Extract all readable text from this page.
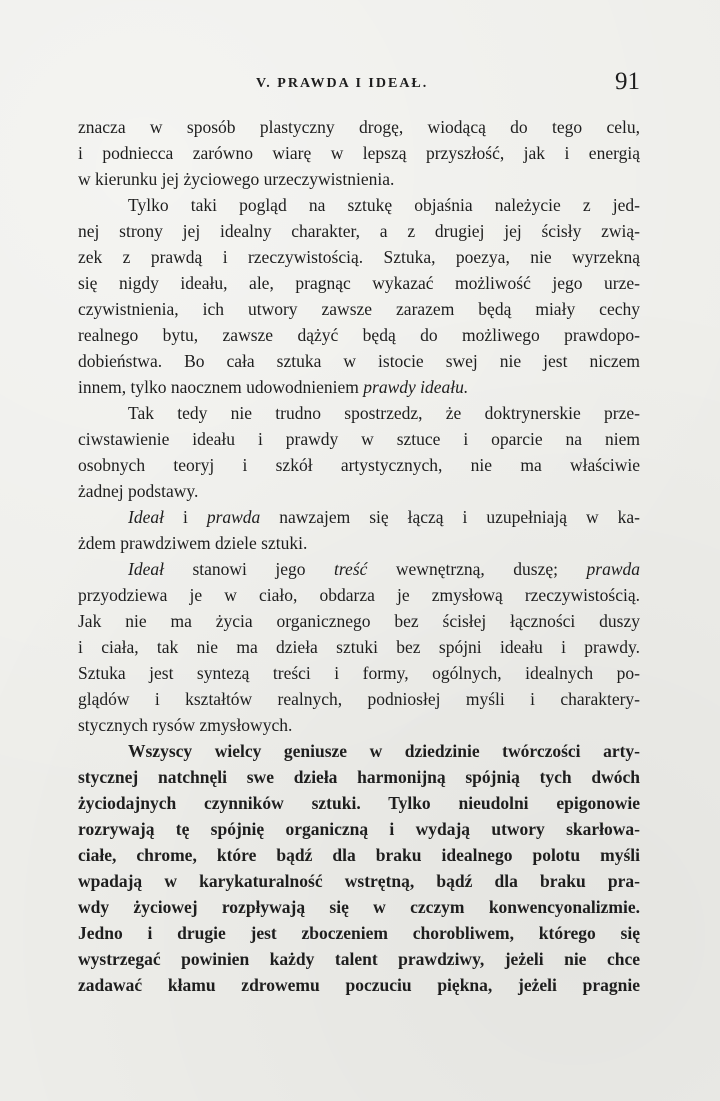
V. PRAWDA I IDEAŁ.	91
znacza w sposób plastyczny drogę, wiodącą do tego celu,
i podniecca zarówno wiarę w lepszą przyszłość, jak i energią
w kierunku jej życiowego urzeczywistnienia.
Tylko taki pogląd na sztukę objaśnia należycie z jed-
nej strony jej idealny charakter, a z drugiej jej ścisły zwią-
zek z prawdą i rzeczywistością. Sztuka, poezya, nie wyrzekną
się nigdy ideału, ale, pragnąc wykazać możliwość jego urze-
czywistnienia, ich utwory zawsze zarazem będą miały cechy
realnego bytu, zawsze dążyć będą do możliwego prawdopo-
dobieństwa. Bo cała sztuka w istocie swej nie jest niczem
innem, tylko naocznem udowodnieniem prawdy ideału.
Tak tedy nie trudno spostrzedz, że doktrynerskie prze-
ciwstawienie ideału i prawdy w sztuce i oparcie na niem
osobnych teoryj i szkół artystycznych, nie ma właściwie
żadnej podstawy.
Ideał i prawda nawzajem się łączą i uzupełniają w ka-
żdem prawdziwem dziele sztuki.
Ideał stanowi jego treść wewnętrzną, duszę; prawda
przyodziewa je w ciało, obdarza je zmysłową rzeczywistością.
Jak nie ma życia organicznego bez ścisłej łączności duszy
i ciała, tak nie ma dzieła sztuki bez spójni ideału i prawdy.
Sztuka jest syntezą treści i formy, ogólnych, idealnych po-
glądów i kształtów realnych, podniosłej myśli i charaktery-
stycznych rysów zmysłowych.
Wszyscy wielcy geniusze w dziedzinie twórczości arty-
stycznej natchnęli swe dzieła harmonijną spójnią tych dwóch
życiodajnych czynników sztuki. Tylko nieudolni epigonowie
rozrywają tę spójnię organiczną i wydają utwory skarłowa-
ciałe, chrome, które bądź dla braku idealnego polotu myśli
wpadają w karykaturalność wstrętną, bądź dla braku pra-
wdy życiowej rozpływają się w czczym konwencyonalizmie.
Jedno i drugie jest zboczeniem chorobliwem, którego się
wystrzegać powinien każdy talent prawdziwy, jeżeli nie chce
zadawać kłamu zdrowemu poczuciu piękna, jeżeli pragnie
